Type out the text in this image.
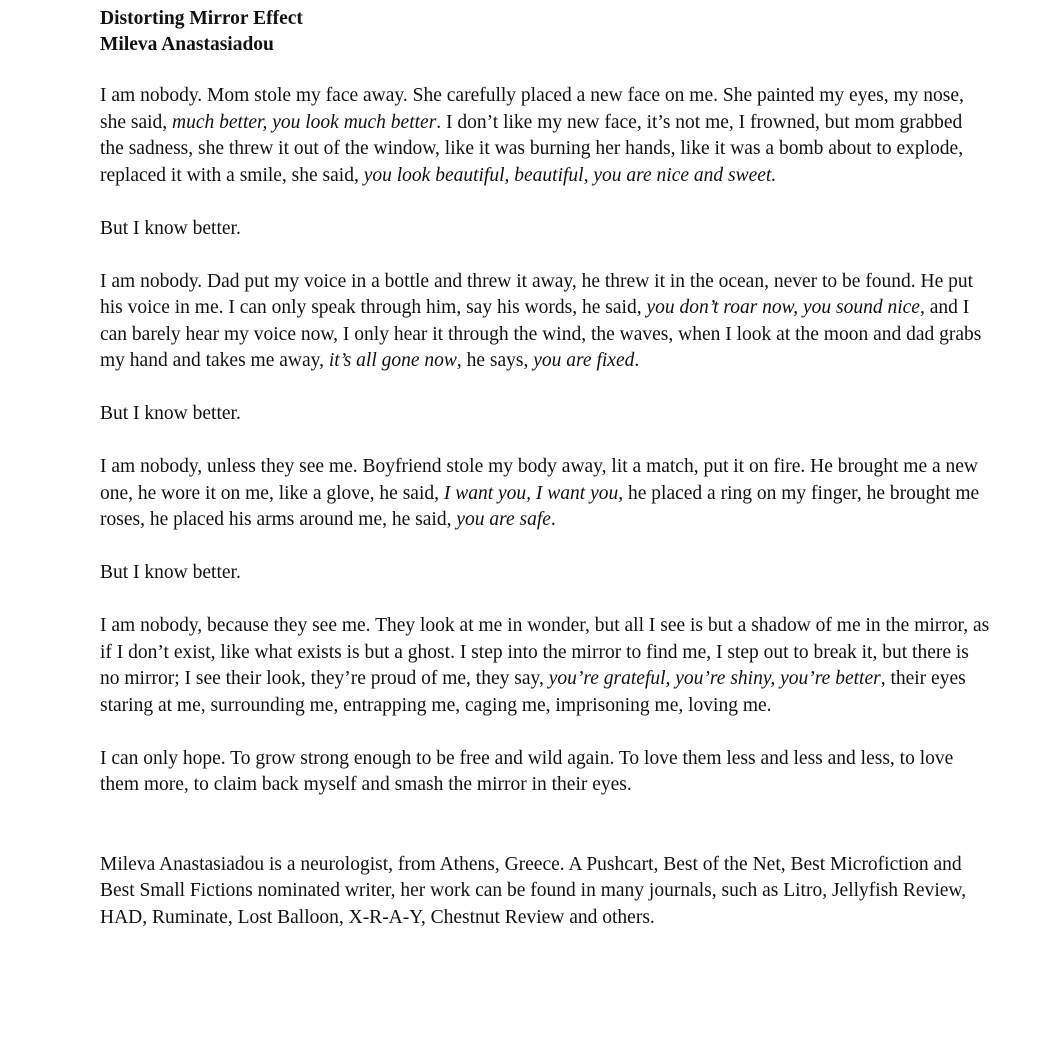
Distorting Mirror Effect
Mileva Anastasiadou

I am nobody. Mom stole my face away. She carefully placed a new face on me. She painted my eyes, my nose, she said, much better, you look much better. I don’t like my new face, it’s not me, I frowned, but mom grabbed the sadness, she threw it out of the window, like it was burning her hands, like it was a bomb about to explode, replaced it with a smile, she said, you look beautiful, beautiful, you are nice and sweet.

But I know better.

I am nobody. Dad put my voice in a bottle and threw it away, he threw it in the ocean, never to be found. He put his voice in me. I can only speak through him, say his words, he said, you don’t roar now, you sound nice, and I can barely hear my voice now, I only hear it through the wind, the waves, when I look at the moon and dad grabs my hand and takes me away, it’s all gone now, he says, you are fixed.

But I know better.

I am nobody, unless they see me. Boyfriend stole my body away, lit a match, put it on fire. He brought me a new one, he wore it on me, like a glove, he said, I want you, I want you, he placed a ring on my finger, he brought me roses, he placed his arms around me, he said, you are safe.

But I know better.

I am nobody, because they see me. They look at me in wonder, but all I see is but a shadow of me in the mirror, as if I don’t exist, like what exists is but a ghost. I step into the mirror to find me, I step out to break it, but there is no mirror; I see their look, they’re proud of me, they say, you’re grateful, you’re shiny, you’re better, their eyes staring at me, surrounding me, entrapping me, caging me, imprisoning me, loving me.

I can only hope. To grow strong enough to be free and wild again. To love them less and less and less, to love them more, to claim back myself and smash the mirror in their eyes.

Mileva Anastasiadou is a neurologist, from Athens, Greece. A Pushcart, Best of the Net, Best Microfiction and Best Small Fictions nominated writer, her work can be found in many journals, such as Litro, Jellyfish Review, HAD, Ruminate, Lost Balloon, X-R-A-Y, Chestnut Review and others.
